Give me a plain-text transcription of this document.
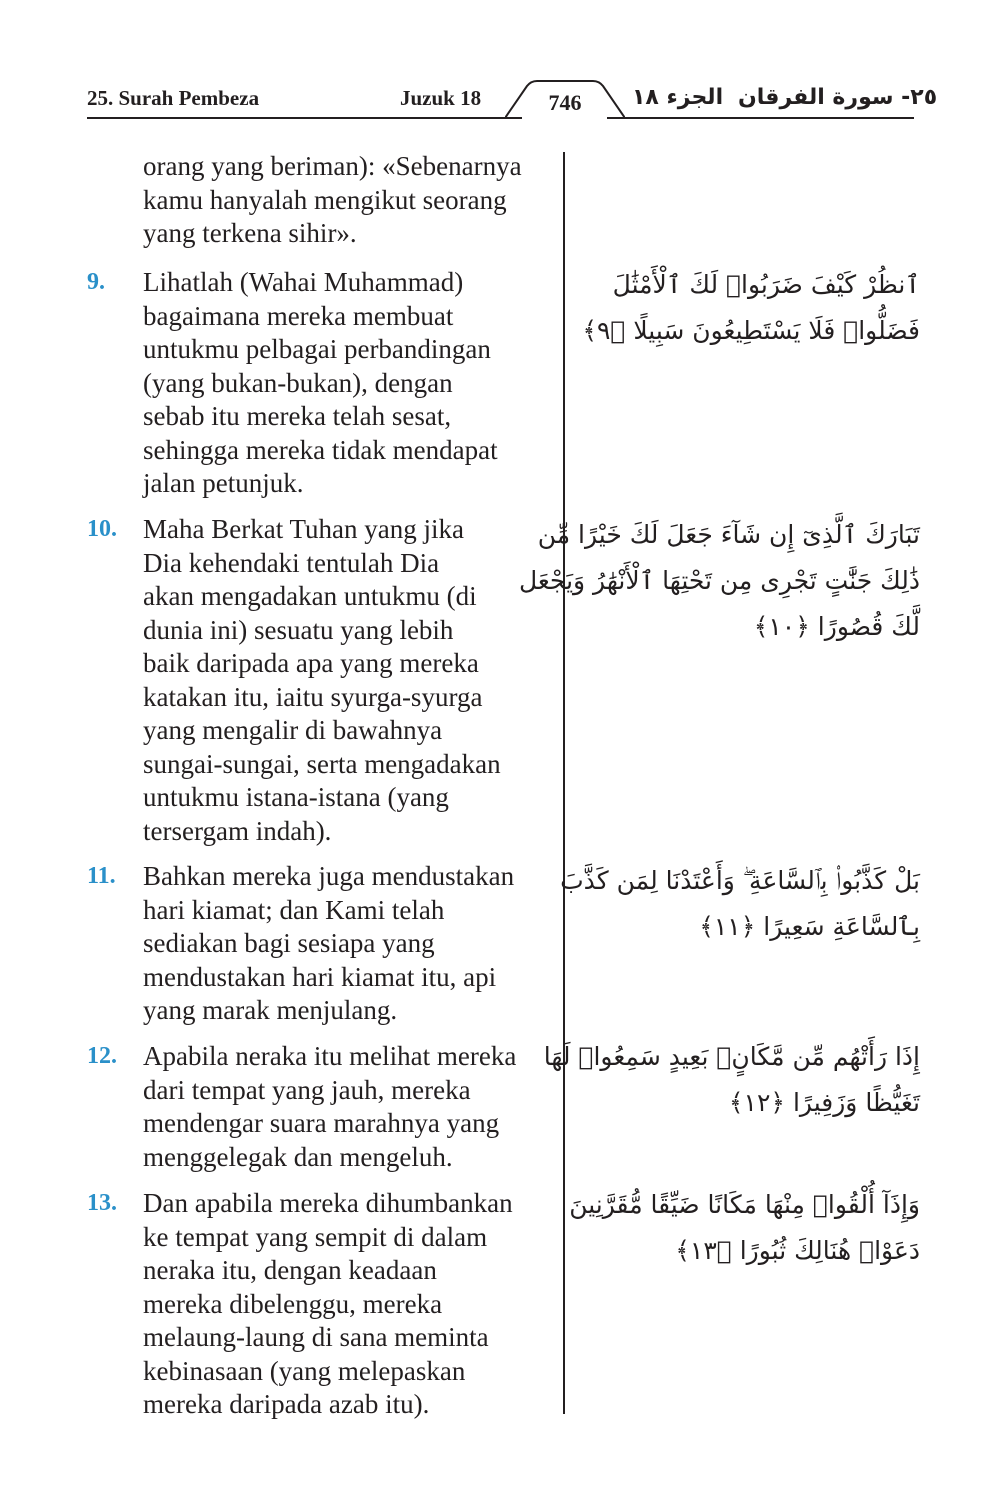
25. Surah Pembeza	Juzuk 18	746	الجزء ١٨ ٢٥- سورة الفرقان
orang yang beriman): «Sebenarnya
kamu hanyalah mengikut seorang
yang terkena sihir».
9. Lihatlah (Wahai Muhammad)
bagaimana mereka membuat
untukmu pelbagai perbandingan
(yang bukan-bukan), dengan
sebab itu mereka telah sesat,
sehingga mereka tidak mendapat
jalan petunjuk.
ٱنظُرْ كَيْفَ ضَرَبُوا۟ لَكَ ٱلْأَمْثَٰلَ
فَضَلُّوا۟ فَلَا يَسْتَطِيعُونَ سَبِيلًا ﴿٩﴾
10. Maha Berkat Tuhan yang jika
Dia kehendaki tentulah Dia
akan mengadakan untukmu (di
dunia ini) sesuatu yang lebih
baik daripada apa yang mereka
katakan itu, iaitu syurga-syurga
yang mengalir di bawahnya
sungai-sungai, serta mengadakan
untukmu istana-istana (yang
tersergam indah).
تَبَارَكَ ٱلَّذِىٓ إِن شَآءَ جَعَلَ لَكَ خَيْرًا مِّن
ذَٰلِكَ جَنَّٰتٍ تَجْرِى مِن تَحْتِهَا ٱلْأَنْهَٰرُ وَيَجْعَل
لَّكَ قُصُورًا ﴿١٠﴾
11. Bahkan mereka juga mendustakan
hari kiamat; dan Kami telah
sediakan bagi sesiapa yang
mendustakan hari kiamat itu, api
yang marak menjulang.
بَلْ كَذَّبُوا۟ بِٱلسَّاعَةِ ۖ وَأَعْتَدْنَا لِمَن كَذَّبَ
بِٱلسَّاعَةِ سَعِيرًا ﴿١١﴾
12. Apabila neraka itu melihat mereka
dari tempat yang jauh, mereka
mendengar suara marahnya yang
menggelegak dan mengeluh.
إِذَا رَأَتْهُم مِّن مَّكَانٍۭ بَعِيدٍ سَمِعُوا۟ لَهَا
تَغَيُّظًا وَزَفِيرًا ﴿١٢﴾
13. Dan apabila mereka dihumbankan
ke tempat yang sempit di dalam
neraka itu, dengan keadaan
mereka dibelenggu, mereka
melaung-laung di sana meminta
kebinasaan (yang melepaskan
mereka daripada azab itu).
وَإِذَآ أُلْقُوا۟ مِنْهَا مَكَانًا ضَيِّقًا مُّقَرَّنِينَ
دَعَوْا۟ هُنَالِكَ ثُبُورًا ﴿١٣﴾
